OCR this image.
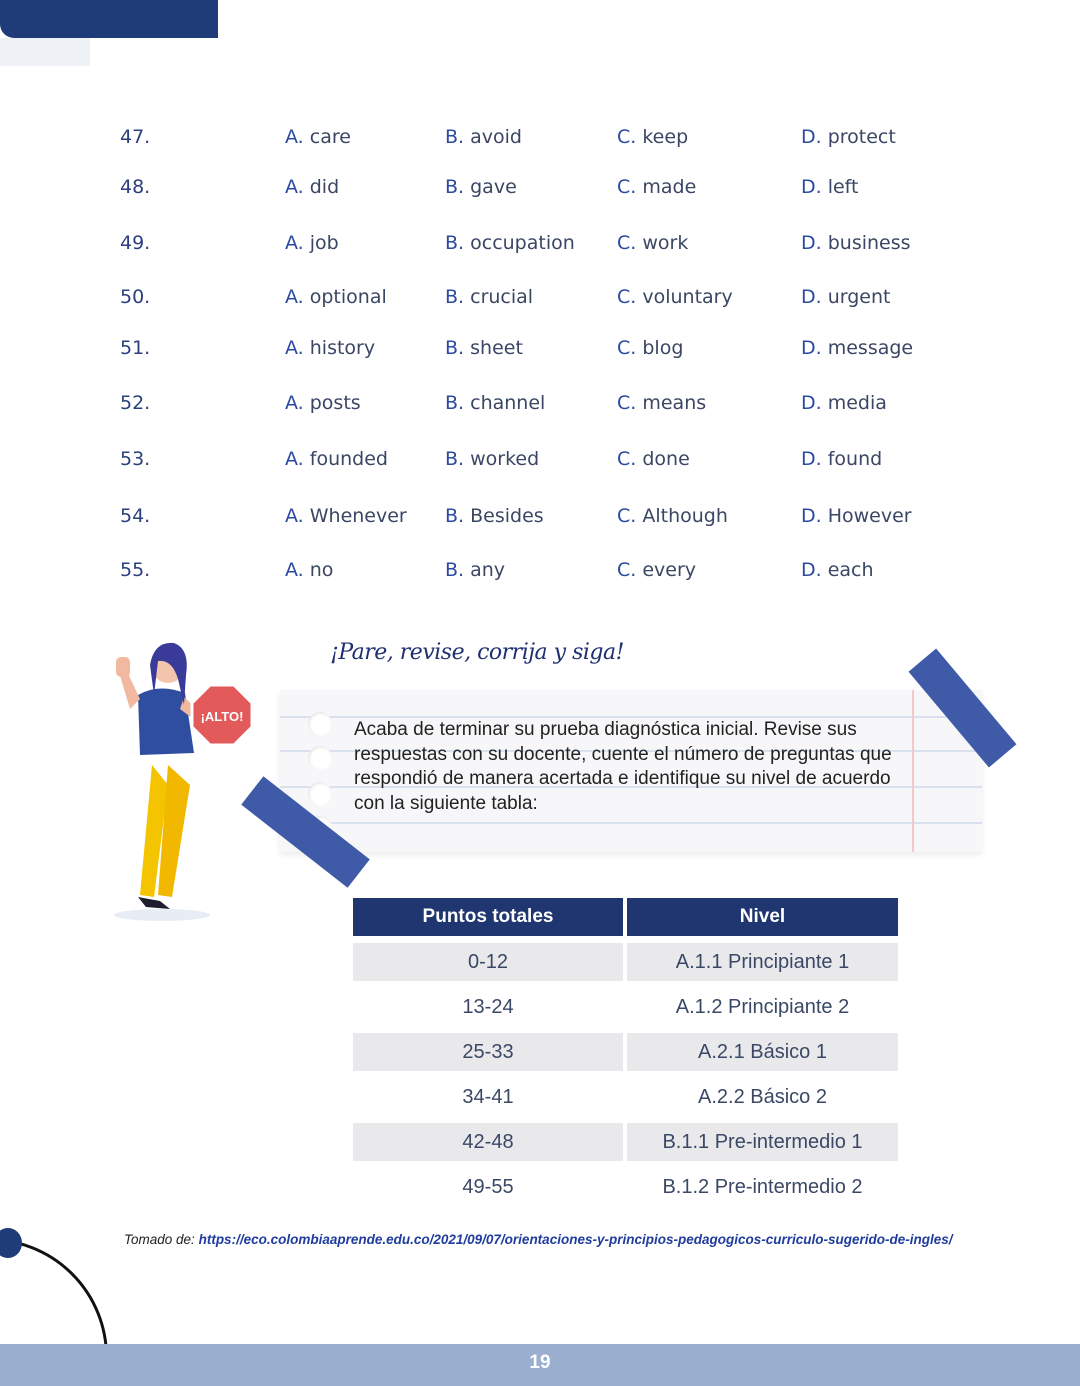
47.	A. care	B. avoid	C. keep	D. protect
48.	A. did	B. gave	C. made	D. left
49.	A. job	B. occupation C. work	D. business
50.	A. optional	B. crucial	C. voluntary	D. urgent
51.	A. history	B. sheet	C. blog	D. message
52.	A. posts	B. channel	C. means	D. media
53.	A. founded	B. worked	C. done	D. found
54.	A. Whenever B. Besides	C. Although	D. However
55.	A. no	B. any	C. every	D. each
¡Pare, revise, corrija y siga!
¡ALTO!

Acaba de terminar su prueba diagnóstica inicial. Revise sus respuestas con su docente, cuente el número de preguntas que respondió de manera acertada e identifique su nivel de acuerdo con la siguiente tabla:

Puntos totales	Nivel
0-12	A.1.1 Principiante 1
13-24	A.1.2 Principiante 2
25-33	A.2.1 Básico 1
34-41	A.2.2 Básico 2
42-48	B.1.1 Pre-intermedio 1
49-55	B.1.2 Pre-intermedio 2
Tomado de: https://eco.colombiaaprende.edu.co/2021/09/07/orientaciones-y-principios-pedagogicos-curriculo-sugerido-de-ingles/
19
